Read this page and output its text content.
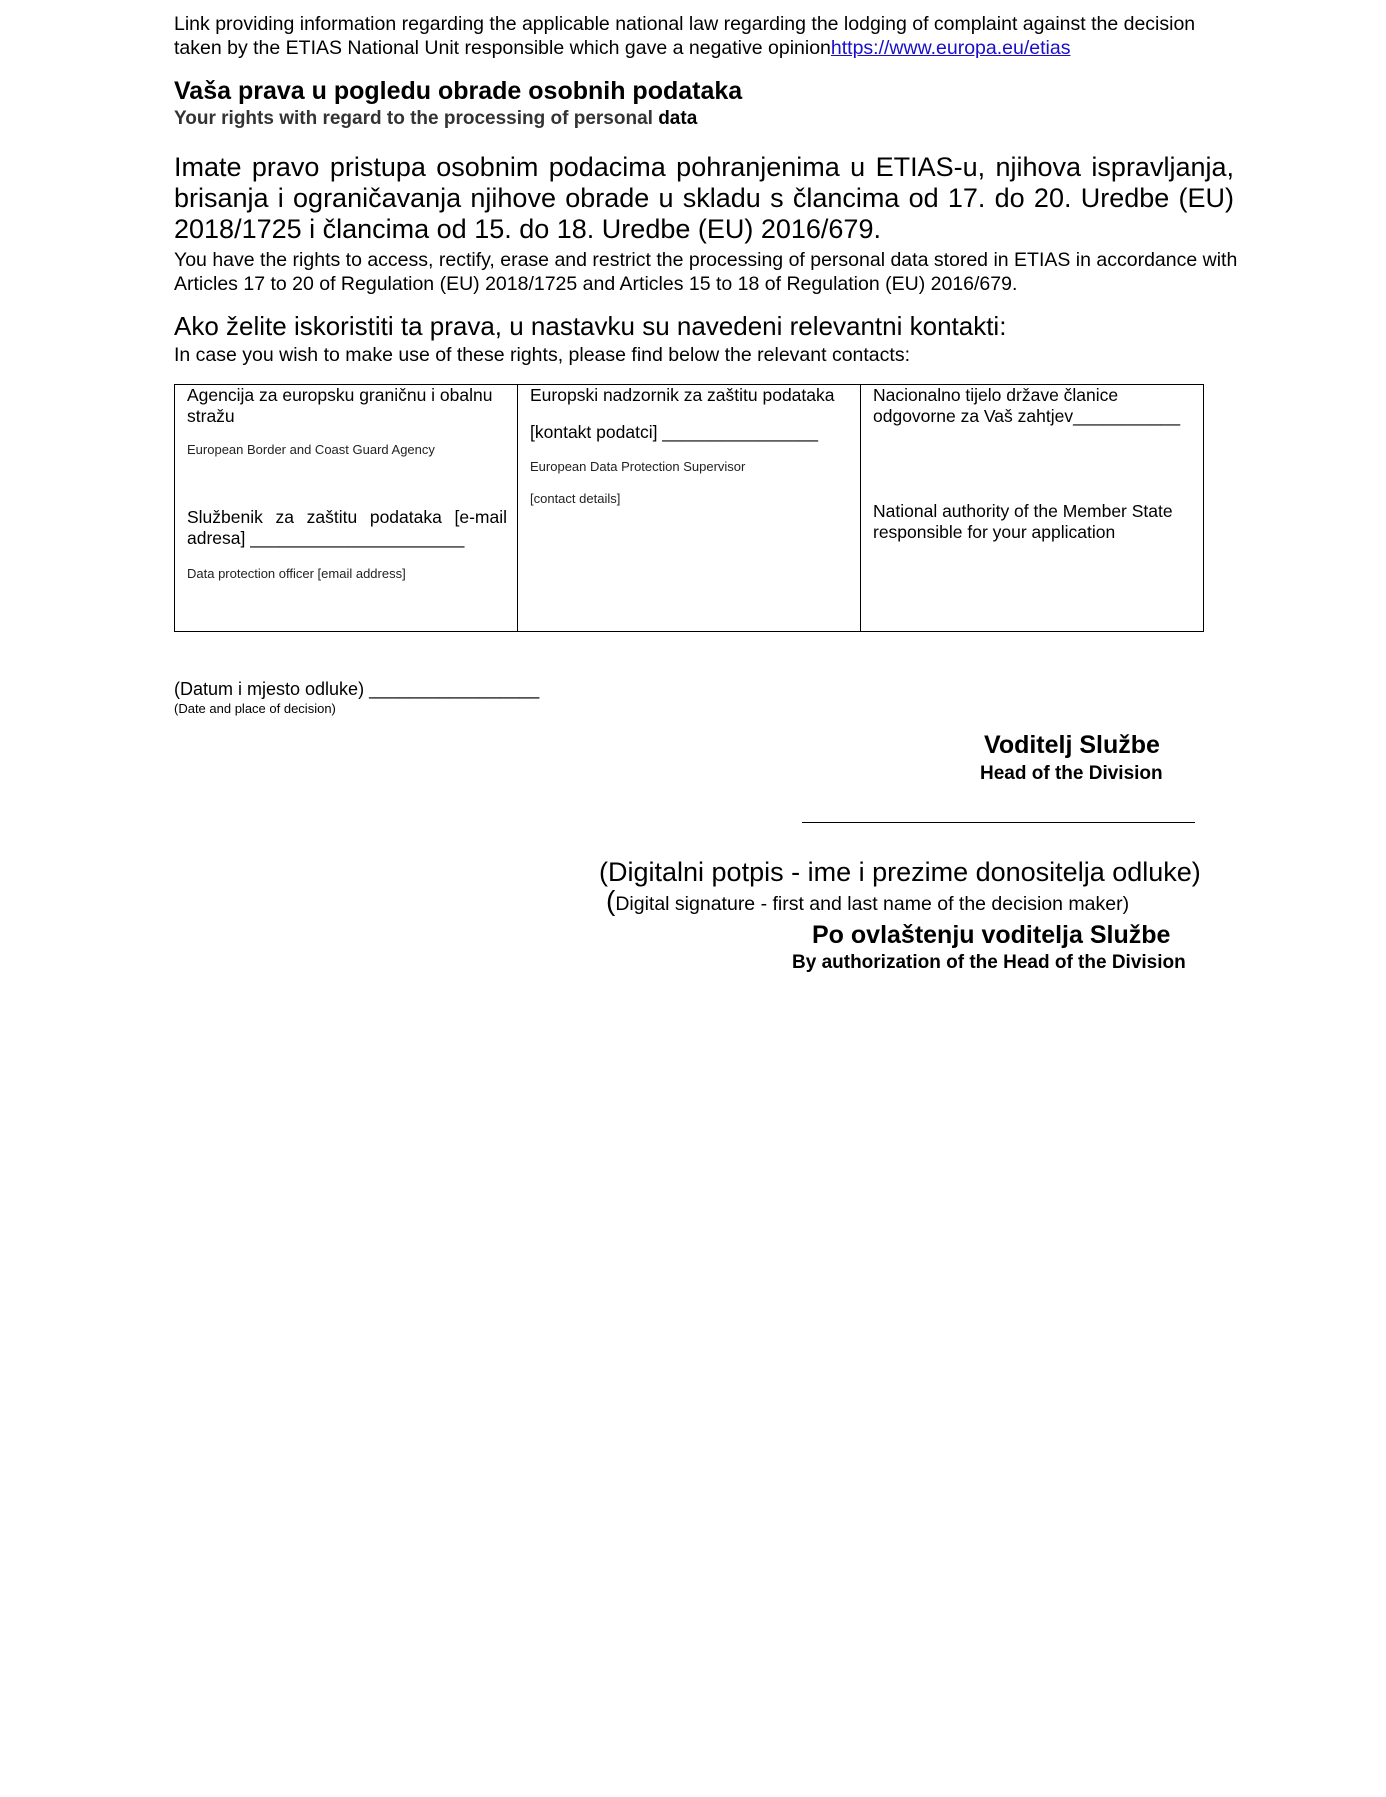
Link providing information regarding the applicable national law regarding the lodging of complaint against the decision taken by the ETIAS National Unit responsible which gave a negative opinionhttps://www.europa.eu/etias

Vaša prava u pogledu obrade osobnih podataka
Your rights with regard to the processing of personal data

Imate pravo pristupa osobnim podacima pohranjenima u ETIAS-u, njihova ispravljanja, brisanja i ograničavanja njihove obrade u skladu s člancima od 17. do 20. Uredbe (EU) 2018/1725 i člancima od 15. do 18. Uredbe (EU) 2016/679.

You have the rights to access, rectify, erase and restrict the processing of personal data stored in ETIAS in accordance with Articles 17 to 20 of Regulation (EU) 2018/1725 and Articles 15 to 18 of Regulation (EU) 2016/679.

Ako želite iskoristiti ta prava, u nastavku su navedeni relevantni kontakti:
In case you wish to make use of these rights, please find below the relevant contacts:

Agencija za europsku graničnu i obalnu stražu

European Border and Coast Guard Agency

Službenik za zaštitu podataka [e-mail adresa] ______________________

Data protection officer [email address]

Europski nadzornik za zaštitu podataka

[kontakt podatci] ________________

European Data Protection Supervisor

[contact details]

Nacionalno tijelo države članice odgovorne za Vaš zahtjev___________

National authority of the Member State responsible for your application

(Datum i mjesto odluke) _________________
(Date and place of decision)
Voditelj Službe
Head of the Division
(Digitalni potpis - ime i prezime donositelja odluke)
(Digital signature - first and last name of the decision maker)
Po ovlaštenju voditelja Službe
By authorization of the Head of the Division
